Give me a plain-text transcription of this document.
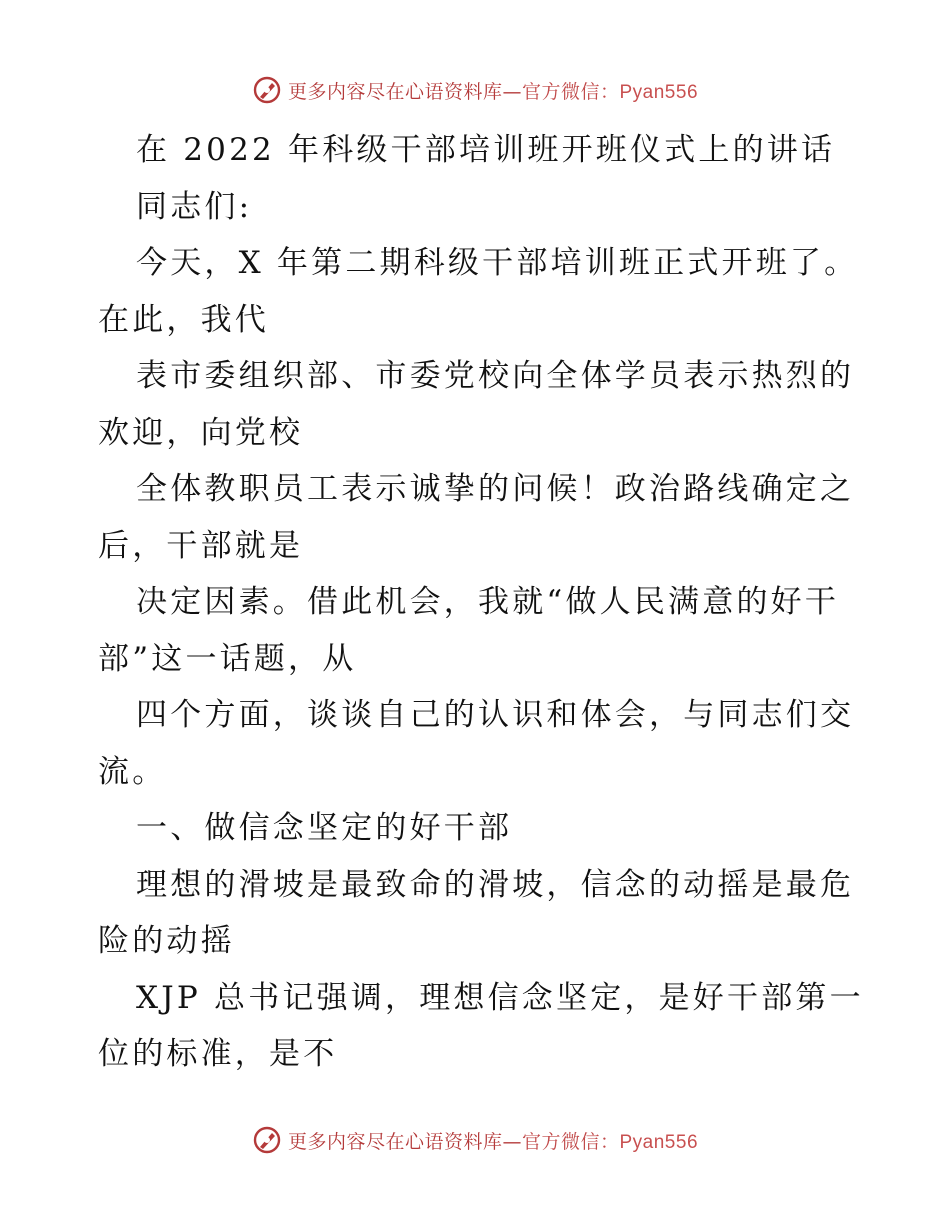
更多内容尽在心语资料库—官方微信：Pyan556
在 2022 年科级干部培训班开班仪式上的讲话
同志们:
今天，X 年第二期科级干部培训班正式开班了。
在此，我代
表市委组织部、市委党校向全体学员表示热烈的
欢迎，向党校
全体教职员工表示诚挚的问候！政治路线确定之
后，干部就是
决定因素。借此机会，我就“做人民满意的好干
部”这一话题，从
四个方面，谈谈自己的认识和体会，与同志们交
流。
一、做信念坚定的好干部
理想的滑坡是最致命的滑坡，信念的动摇是最危
险的动摇
XJP 总书记强调，理想信念坚定，是好干部第一
位的标准，是不
更多内容尽在心语资料库—官方微信：Pyan556
